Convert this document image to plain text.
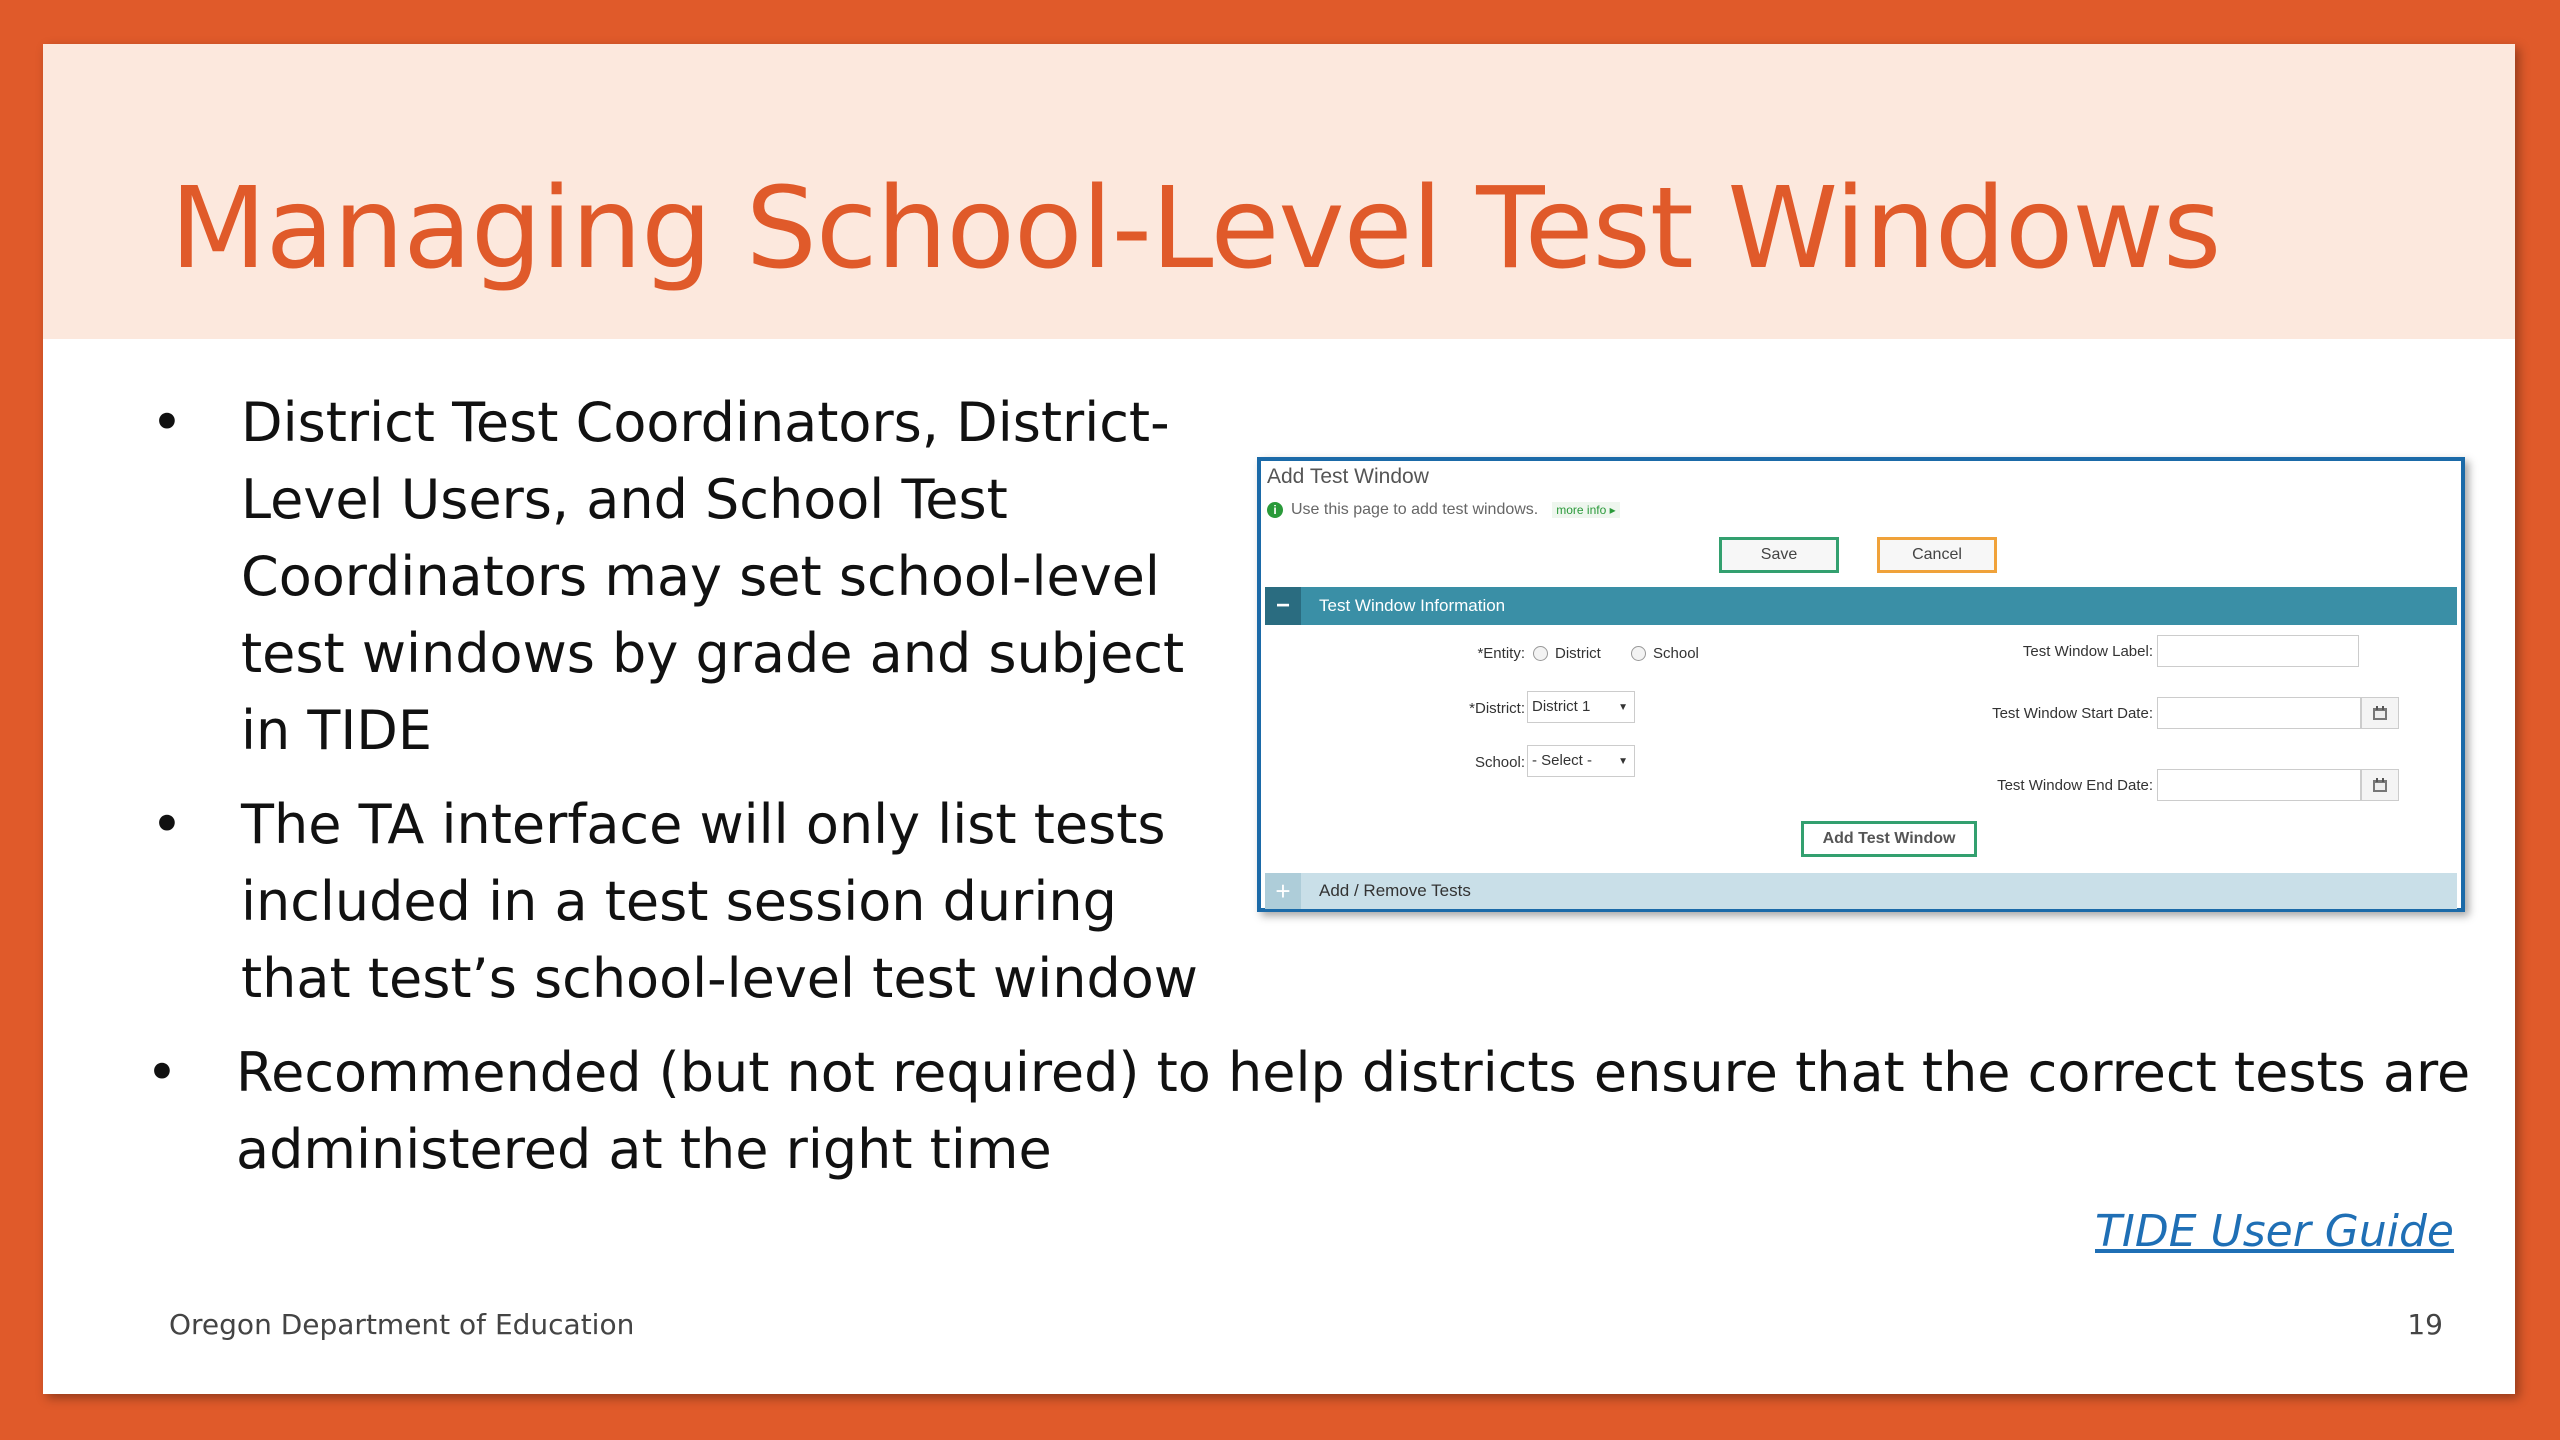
Managing School-Level Test Windows
• District Test Coordinators, District-Level Users, and School Test Coordinators may set school-level test windows by grade and subject in TIDE
• The TA interface will only list tests included in a test session during that test’s school-level test window
• Recommended (but not required) to help districts ensure that the correct tests are administered at the right time
Add Test Window
i Use this page to add test windows.	more info ▸
Save	Cancel
−	Test Window Information
*Entity: District	School
*District: District 1	▼
School: - Select -	▼
Test Window Label:
Test Window Start Date:
Test Window End Date:
Add Test Window
+	Add / Remove Tests
TIDE User Guide
Oregon Department of Education	19
